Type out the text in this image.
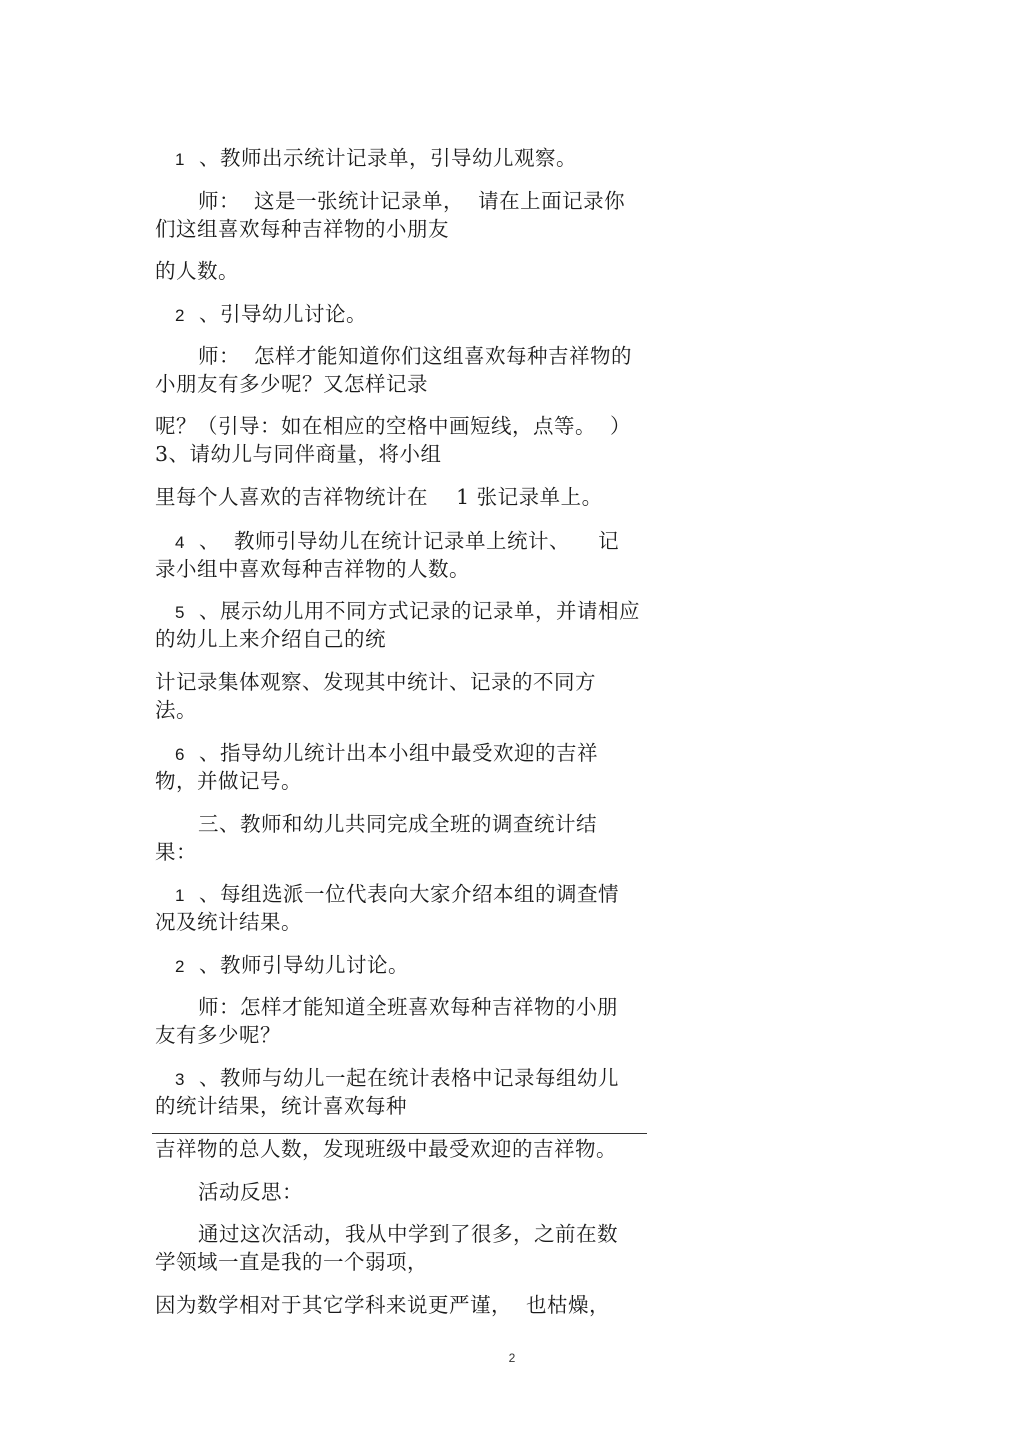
1  、教师出示统计记录单，引导幼儿观察。
师：  这是一张统计记录单，  请在上面记录你
们这组喜欢每种吉祥物的小朋友
的人数。
2  、引导幼儿讨论。
师：  怎样才能知道你们这组喜欢每种吉祥物的
小朋友有多少呢？又怎样记录
呢？（引导：如在相应的空格中画短线，点等。  ）
3、请幼儿与同伴商量，将小组
里每个人喜欢的吉祥物统计在    1 张记录单上。
4  、  教师引导幼儿在统计记录单上统计、    记
录小组中喜欢每种吉祥物的人数。
5  、展示幼儿用不同方式记录的记录单，并请相应
的幼儿上来介绍自己的统
计记录集体观察、发现其中统计、记录的不同方
法。
6  、指导幼儿统计出本小组中最受欢迎的吉祥
物，并做记号。
三、教师和幼儿共同完成全班的调查统计结
果：
1  、每组选派一位代表向大家介绍本组的调查情
况及统计结果。
2  、教师引导幼儿讨论。
师：怎样才能知道全班喜欢每种吉祥物的小朋
友有多少呢？
3  、教师与幼儿一起在统计表格中记录每组幼儿
的统计结果，统计喜欢每种
吉祥物的总人数，发现班级中最受欢迎的吉祥物。
活动反思：
通过这次活动，我从中学到了很多，之前在数
学领域一直是我的一个弱项，
因为数学相对于其它学科来说更严谨，  也枯燥，
2
